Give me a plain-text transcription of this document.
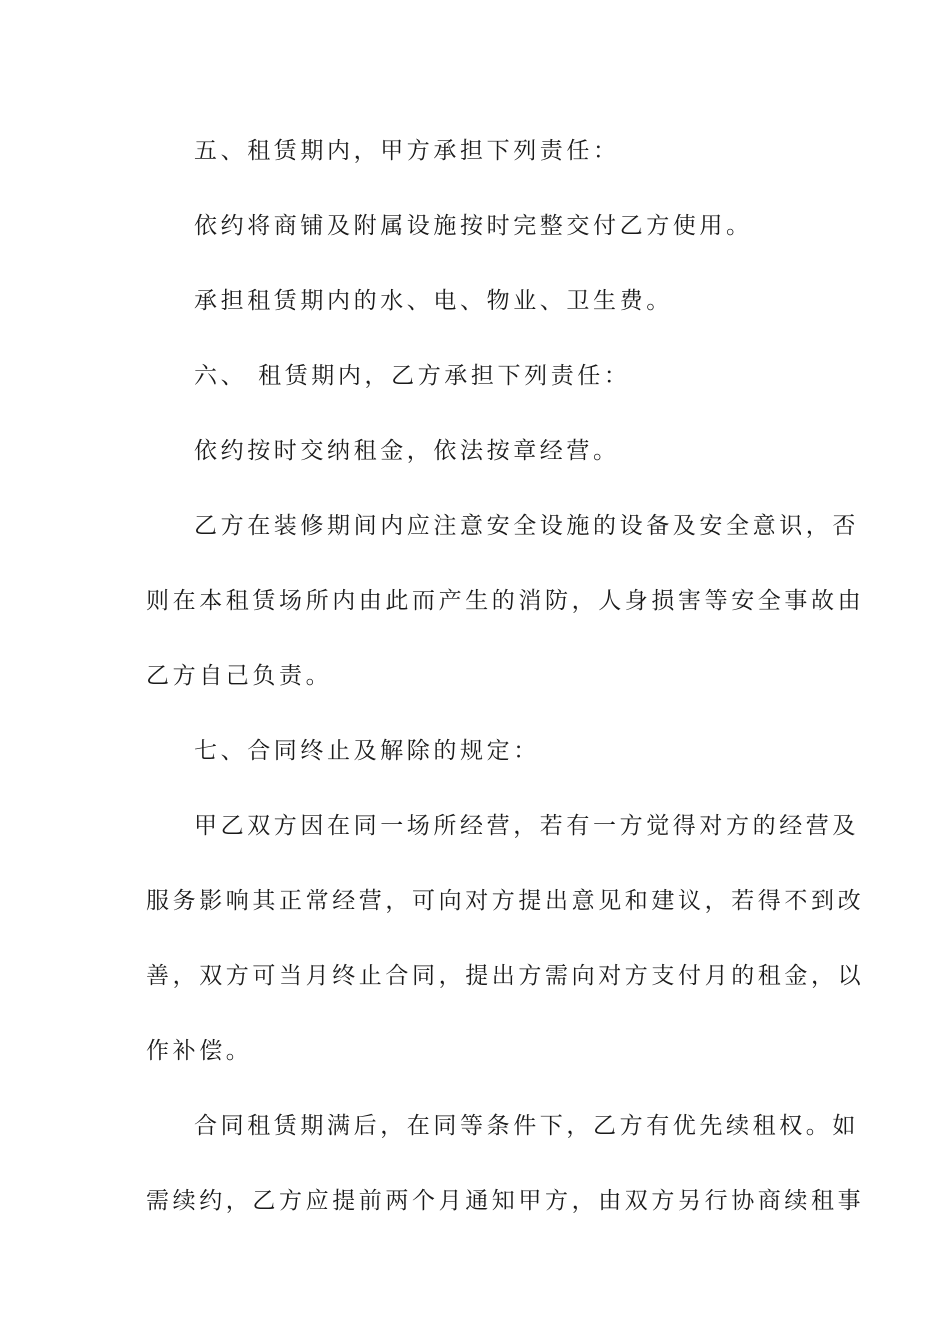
五、租赁期内，甲方承担下列责任：
依约将商铺及附属设施按时完整交付乙方使用。
承担租赁期内的水、电、物业、卫生费。
六、 租赁期内，乙方承担下列责任：
依约按时交纳租金，依法按章经营。
乙方在装修期间内应注意安全设施的设备及安全意识，否
则在本租赁场所内由此而产生的消防，人身损害等安全事故由
乙方自己负责。
七、合同终止及解除的规定：
甲乙双方因在同一场所经营，若有一方觉得对方的经营及
服务影响其正常经营，可向对方提出意见和建议，若得不到改
善，双方可当月终止合同，提出方需向对方支付月的租金，以
作补偿。
合同租赁期满后，在同等条件下，乙方有优先续租权。如
需续约，乙方应提前两个月通知甲方，由双方另行协商续租事
